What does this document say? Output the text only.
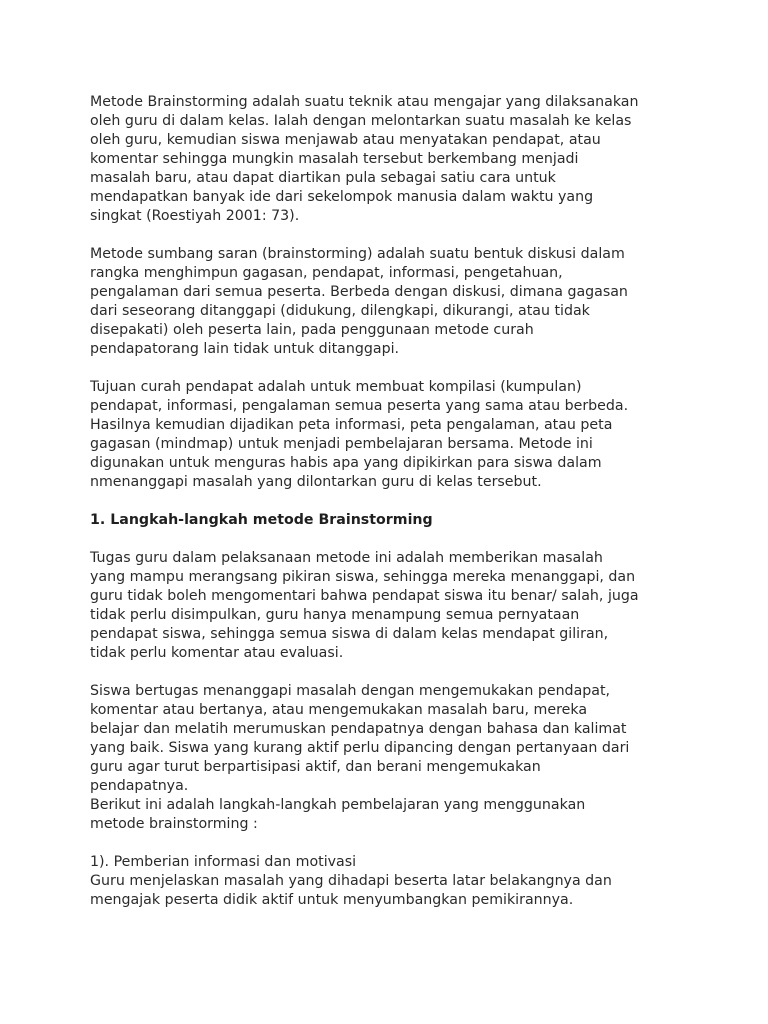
Metode Brainstorming adalah suatu teknik atau mengajar yang dilaksanakan
oleh guru di dalam kelas. Ialah dengan melontarkan suatu masalah ke kelas
oleh guru, kemudian siswa menjawab atau menyatakan pendapat, atau
komentar sehingga mungkin masalah tersebut berkembang menjadi
masalah baru, atau dapat diartikan pula sebagai satiu cara untuk
mendapatkan banyak ide dari sekelompok manusia dalam waktu yang
singkat (Roestiyah 2001: 73).

Metode sumbang saran (brainstorming) adalah suatu bentuk diskusi dalam
rangka menghimpun gagasan, pendapat, informasi, pengetahuan,
pengalaman dari semua peserta. Berbeda dengan diskusi, dimana gagasan
dari seseorang ditanggapi (didukung, dilengkapi, dikurangi, atau tidak
disepakati) oleh peserta lain, pada penggunaan metode curah
pendapatorang lain tidak untuk ditanggapi.

Tujuan curah pendapat adalah untuk membuat kompilasi (kumpulan)
pendapat, informasi, pengalaman semua peserta yang sama atau berbeda.
Hasilnya kemudian dijadikan peta informasi, peta pengalaman, atau peta
gagasan (mindmap) untuk menjadi pembelajaran bersama. Metode ini
digunakan untuk menguras habis apa yang dipikirkan para siswa dalam
nmenanggapi masalah yang dilontarkan guru di kelas tersebut.

1. Langkah-langkah metode Brainstorming

Tugas guru dalam pelaksanaan metode ini adalah memberikan masalah
yang mampu merangsang pikiran siswa, sehingga mereka menanggapi, dan
guru tidak boleh mengomentari bahwa pendapat siswa itu benar/ salah, juga
tidak perlu disimpulkan, guru hanya menampung semua pernyataan
pendapat siswa, sehingga semua siswa di dalam kelas mendapat giliran,
tidak perlu komentar atau evaluasi.

Siswa bertugas menanggapi masalah dengan mengemukakan pendapat,
komentar atau bertanya, atau mengemukakan masalah baru, mereka
belajar dan melatih merumuskan pendapatnya dengan bahasa dan kalimat
yang baik. Siswa yang kurang aktif perlu dipancing dengan pertanyaan dari
guru agar turut berpartisipasi aktif, dan berani mengemukakan
pendapatnya.
Berikut ini adalah langkah-langkah pembelajaran yang menggunakan
metode brainstorming :

1). Pemberian informasi dan motivasi
Guru menjelaskan masalah yang dihadapi beserta latar belakangnya dan
mengajak peserta didik aktif untuk menyumbangkan pemikirannya.
